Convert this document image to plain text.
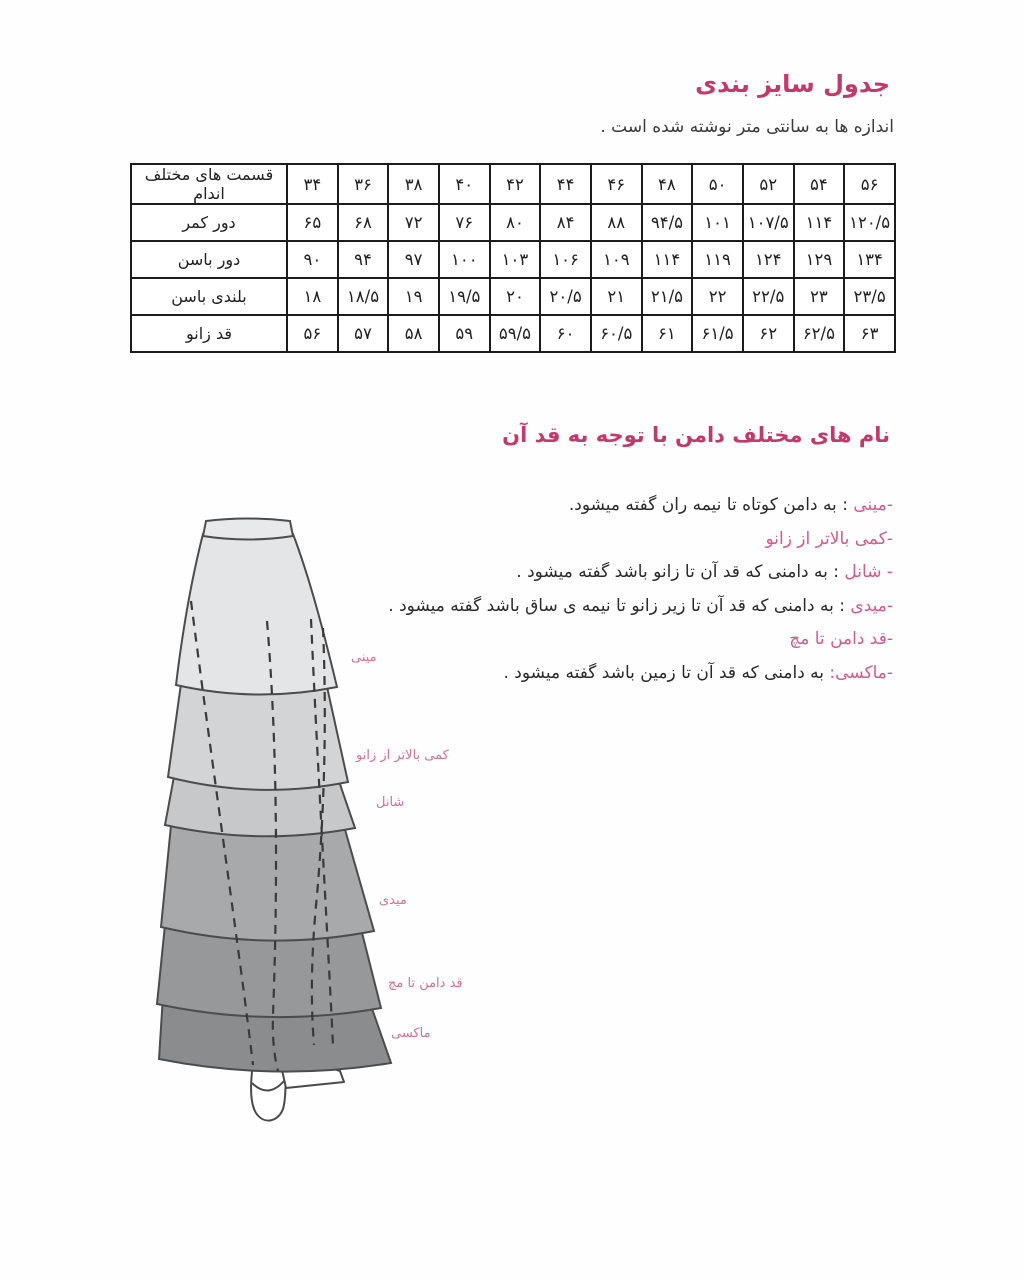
جدول سایز بندی
اندازه ها به سانتی متر نوشته شده است .
قسمت های مختلف اندام	۳۴	۳۶	۳۸	۴۰	۴۲	۴۴	۴۶	۴۸	۵۰	۵۲	۵۴	۵۶
دور کمر	۶۵	۶۸	۷۲	۷۶	۸۰	۸۴	۸۸	۹۴/۵	۱۰۱	۱۰۷/۵	۱۱۴	۱۲۰/۵
دور باسن	۹۰	۹۴	۹۷	۱۰۰	۱۰۳	۱۰۶	۱۰۹	۱۱۴	۱۱۹	۱۲۴	۱۲۹	۱۳۴
بلندی باسن	۱۸	۱۸/۵	۱۹	۱۹/۵	۲۰	۲۰/۵	۲۱	۲۱/۵	۲۲	۲۲/۵	۲۳	۲۳/۵
قد زانو	۵۶	۵۷	۵۸	۵۹	۵۹/۵	۶۰	۶۰/۵	۶۱	۶۱/۵	۶۲	۶۲/۵	۶۳
نام های مختلف دامن با توجه به قد آن
-مینی : به دامن کوتاه تا نیمه ران گفته میشود.
-کمی بالاتر از زانو
- شانل : به دامنی که قد آن تا زانو باشد گفته میشود .
-میدی : به دامنی که قد آن تا زیر زانو تا نیمه ی ساق باشد گفته میشود .
-قد دامن تا مچ
-ماکسی: به دامنی که قد آن تا زمین باشد گفته میشود .
مینی
کمی بالاتر از زانو
شانل
میدی
قد دامن تا مچ
ماکسی
